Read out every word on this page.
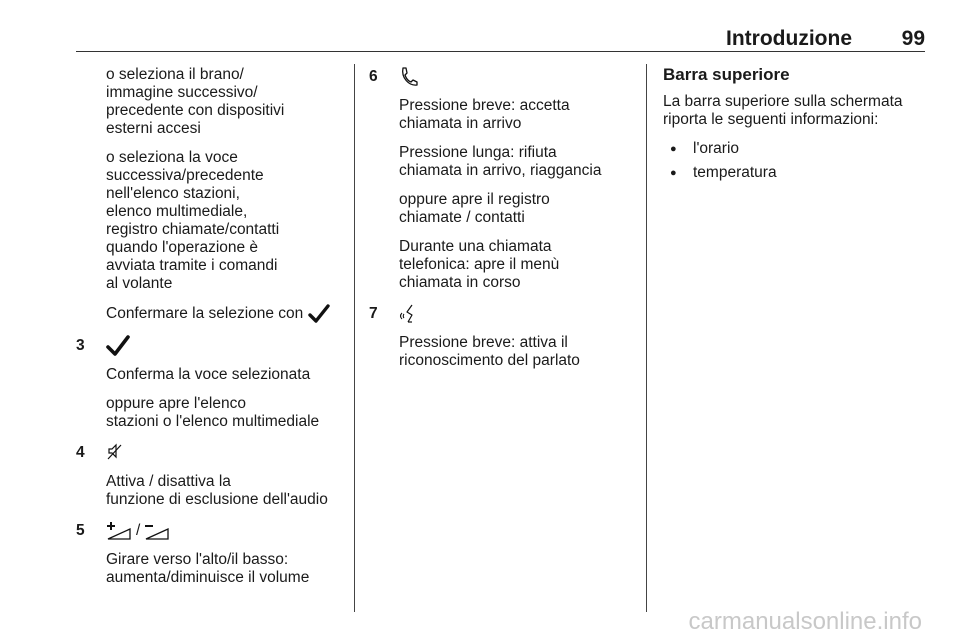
Introduzione 99

o seleziona il brano/
immagine successivo/
precedente con dispositivi
esterni accesi

o seleziona la voce
successiva/precedente
nell'elenco stazioni,
elenco multimediale,
registro chiamate/contatti
quando l'operazione è
avviata tramite i comandi
al volante

Confermare la selezione con

3

Conferma la voce selezionata

oppure apre l'elenco
stazioni o l'elenco multimediale

4

Attiva / disattiva la
funzione di esclusione dell'audio

5	/

Girare verso l'alto/il basso:
aumenta/diminuisce il volume

6

Pressione breve: accetta
chiamata in arrivo

Pressione lunga: rifiuta
chiamata in arrivo, riaggancia

oppure apre il registro
chiamate / contatti

Durante una chiamata
telefonica: apre il menù
chiamata in corso

7

Pressione breve: attiva il
riconoscimento del parlato

Barra superiore

La barra superiore sulla schermata
riporta le seguenti informazioni:

● l'orario
● temperatura
carmanualsonline.info
